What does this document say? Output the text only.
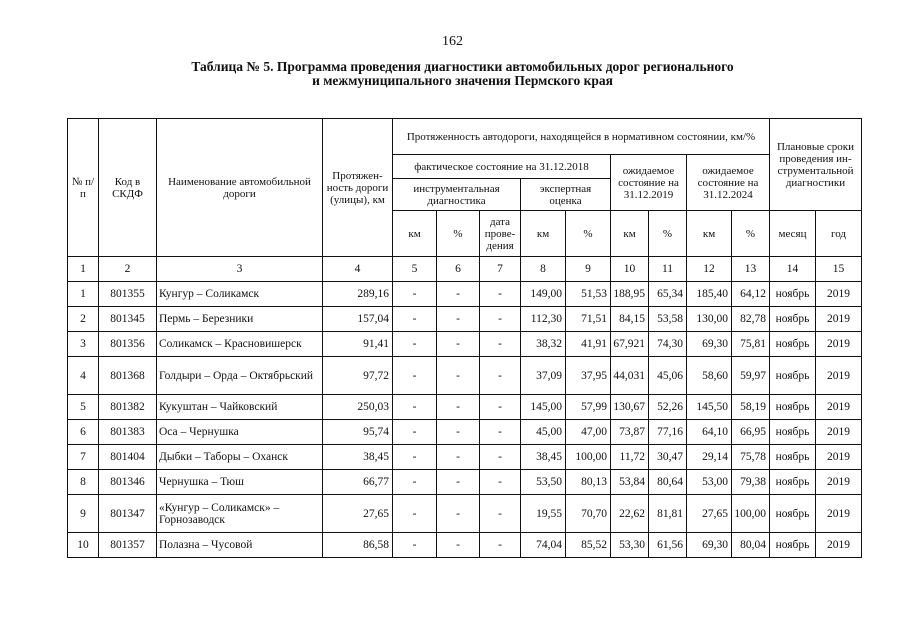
162
Таблица № 5. Программа проведения диагностики автомобильных дорог регионального
и межмуниципального значения Пермского края
№ п/п	Код в СКДФ	Наименование автомобильной дороги	Протяжен-ность дороги (улицы), км	Протяженность автодороги, находящейся в нормативном состоянии, км/%									Плановые сроки проведения ин-струментальной диагностики	
				фактическое состояние на 31.12.2018					ожидаемое состояние на 31.12.2019		ожидаемое состояние на 31.12.2024			
				инструментальная диагностика			экспертная оценка							
				км	%	дата прове-дения	км	%	км	%	км	%	месяц	год
1	2	3	4	5	6	7	8	9	10	11	12	13	14	15
1	801355	Кунгур – Соликамск	289,16	-	-	-	149,00	51,53	188,95	65,34	185,40	64,12	ноябрь	2019
2	801345	Пермь – Березники	157,04	-	-	-	112,30	71,51	84,15	53,58	130,00	82,78	ноябрь	2019
3	801356	Соликамск – Красновишерск	91,41	-	-	-	38,32	41,91	67,921	74,30	69,30	75,81	ноябрь	2019
4	801368	Голдыри – Орда – Октябрьский	97,72	-	-	-	37,09	37,95	44,031	45,06	58,60	59,97	ноябрь	2019
5	801382	Кукуштан – Чайковский	250,03	-	-	-	145,00	57,99	130,67	52,26	145,50	58,19	ноябрь	2019
6	801383	Оса – Чернушка	95,74	-	-	-	45,00	47,00	73,87	77,16	64,10	66,95	ноябрь	2019
7	801404	Дыбки – Таборы – Оханск	38,45	-	-	-	38,45	100,00	11,72	30,47	29,14	75,78	ноябрь	2019
8	801346	Чернушка – Тюш	66,77	-	-	-	53,50	80,13	53,84	80,64	53,00	79,38	ноябрь	2019
9	801347	«Кунгур – Соликамск» – Горнозаводск	27,65	-	-	-	19,55	70,70	22,62	81,81	27,65	100,00	ноябрь	2019
10	801357	Полазна – Чусовой	86,58	-	-	-	74,04	85,52	53,30	61,56	69,30	80,04	ноябрь	2019
